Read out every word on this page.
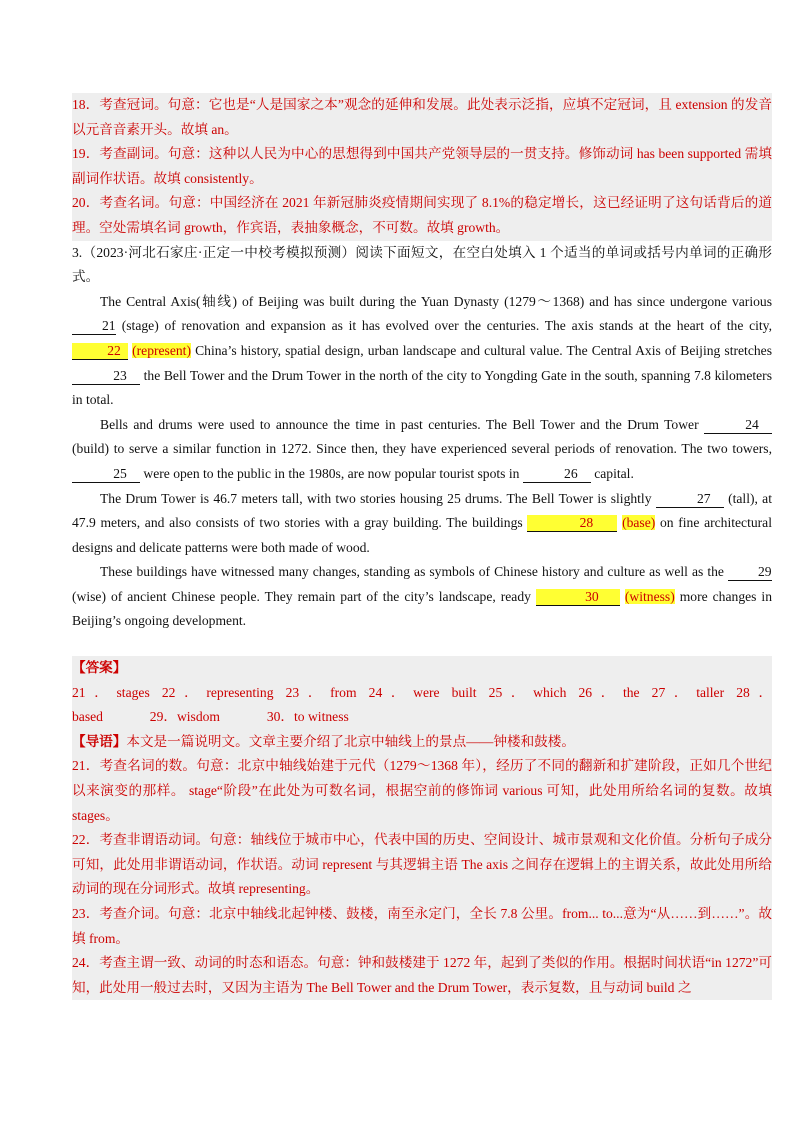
18．考查冠词。句意：它也是“人是国家之本”观念的延伸和发展。此处表示泛指，应填不定冠词，且 extension 的发音以元音音素开头。故填 an。
19．考查副词。句意：这种以人民为中心的思想得到中国共产党领导层的一贯支持。修饰动词 has been supported 需填副词作状语。故填 consistently。
20．考查名词。句意：中国经济在 2021 年新冠肺炎疫情期间实现了 8.1%的稳定增长，这已经证明了这句话背后的道理。空处需填名词 growth，作宾语，表抽象概念，不可数。故填 growth。
3.（2023·河北石家庄·正定一中校考模拟预测）阅读下面短文，在空白处填入 1 个适当的单词或括号内单词的正确形式。
The Central Axis(轴线) of Beijing was built during the Yuan Dynasty (1279～1368) and has since undergone various 21 (stage) of renovation and expansion as it has evolved over the centuries. The axis stands at the heart of the city, 22 (represent) China’s history, spatial design, urban landscape and cultural value. The Central Axis of Beijing stretches 23 the Bell Tower and the Drum Tower in the north of the city to Yongding Gate in the south, spanning 7.8 kilometers in total.
Bells and drums were used to announce the time in past centuries. The Bell Tower and the Drum Tower	24 (build) to serve a similar function in 1272. Since then, they have experienced several periods of renovation. The two towers, 25 were open to the public in the 1980s, are now popular tourist spots in	26 capital.
The Drum Tower is 46.7 meters tall, with two stories housing 25 drums. The Bell Tower is slightly	27 (tall), at 47.9 meters, and also consists of two stories with a gray building. The buildings	28 (base) on fine architectural designs and delicate patterns were both made of wood.
These buildings have witnessed many changes, standing as symbols of Chinese history and culture as well as the 29 (wise) of ancient Chinese people. They remain part of the city’s landscape, ready	30 (witness) more changes in Beijing’s ongoing development.
【答案】
21．stages 22．representing 23．from 24．were built 25．which 26．the 27．taller 28．
based	29．wisdom	30．to witness
【导语】本文是一篇说明文。文章主要介绍了北京中轴线上的景点——钟楼和鼓楼。
21．考查名词的数。句意：北京中轴线始建于元代（1279～1368 年），经历了不同的翻新和扩建阶段，正如几个世纪以来演变的那样。 stage“阶段”在此处为可数名词，根据空前的修饰词 various 可知，此处用所给名词的复数。故填 stages。
22．考查非谓语动词。句意：轴线位于城市中心，代表中国的历史、空间设计、城市景观和文化价值。分析句子成分可知，此处用非谓语动词，作状语。动词 represent 与其逻辑主语 The axis 之间存在逻辑上的主谓关系，故此处用所给动词的现在分词形式。故填 representing。
23．考查介词。句意：北京中轴线北起钟楼、鼓楼，南至永定门，全长 7.8 公里。from... to...意为“从……到……”。故填 from。
24．考查主谓一致、动词的时态和语态。句意：钟和鼓楼建于 1272 年，起到了类似的作用。根据时间状语“in 1272”可知，此处用一般过去时，又因为主语为 The Bell Tower and the Drum Tower，表示复数，且与动词 build 之
